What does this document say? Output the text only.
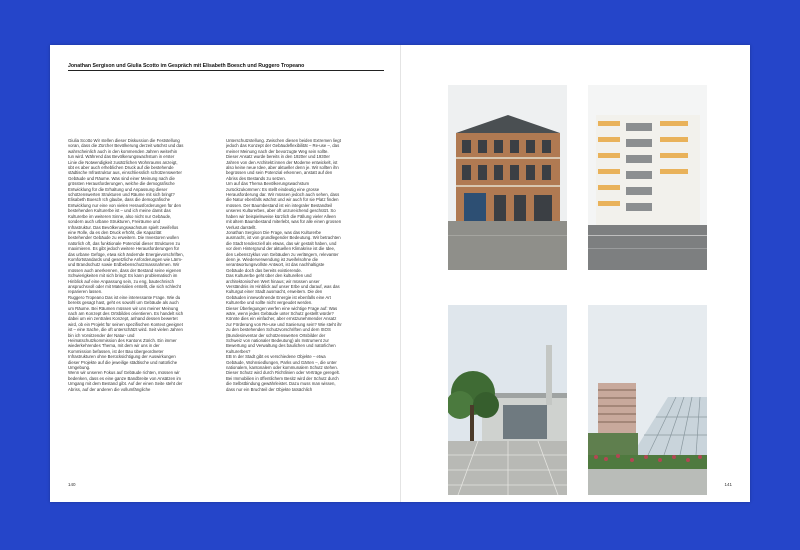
Jonathan Sergison und Giulia Scotto im Gespräch mit Elisabeth Boesch und Ruggero Tropeano

Giulia Scotto Wir stellen dieser Diskussion die Feststellung voran, dass die Zürcher Bevölkerung derzeit wächst und das wahrscheinlich auch in den kommenden Jahren weiterhin tun wird. Während das Bevölkerungswachstum in erster Linie die Notwendigkeit zusätzlichen Wohnraums anzeigt, übt es aber auch erheblichen Druck auf die bestehende städtische Infrastruktur aus, einschliesslich schützenswerter Gebäude und Räume. Was sind einer Meinung nach die grössten Herausforderungen, welche die demografische Entwicklung für die Erhaltung und Anpassung dieser schützenswerten Strukturen und Räume mit sich bringt?

Elisabeth Boesch Ich glaube, dass die demografische Entwicklung nur eine von vielen Herausforderungen für den bestehenden Kulturerbe ist – und ich meine damit das Kulturerbe im weiteren Sinne, also nicht nur Gebäude, sondern auch urbane Strukturen, Freiräume und Infrastruktur. Das Bevölkerungswachstum spielt zweifellos eine Rolle, da es den Druck erhöht, die Kapazität bestehender Gebäude zu erweitern. Die Investoren wollen natürlich oft, das funktionale Potenzial dieser Strukturen zu maximieren. Es gibt jedoch weitere Herausforderungen für das urbane Gefüge, etwa sich ändernde Energievorschriften, Komfortstandards und gesetzliche Anforderungen wie Lärm- und Brandschutz sowie Erdbebenschutzmassnahmen. Wir müssen auch anerkennen, dass der Bestand seine eigenen Schwierigkeiten mit sich bringt: Es kann problematisch im Hinblick auf eine Anpassung sein, zu eng, bautechnisch anspruchsvoll oder mit Materialien erstellt, die sich schlecht reparieren lassen.

Ruggero Tropeano Das ist eine interessante Frage. Wie du bereits gesagt hast, geht es sowohl um Gebäude als auch um Räume. Bei Räumen müssen wir uns meiner Meinung nach am Konzept des Ortsbildes orientieren. Es handelt sich dabei um ein zentrales Konzept, anhand dessen bewertet wird, ob ein Projekt für seinen spezifischen Kontext geeignet ist – eine Sache, die oft unterschätzt wird. Seit vielen Jahren bin ich Vorsitzender der Natur- und Heimatschutzkommission des Kantons Zürich. Ein immer wiederkehrendes Thema, mit dem wir uns in der Kommission befassen, ist der Bau übergeordneter Infrastrukturen ohne Berücksichtigung der Auswirkungen dieser Projekte auf die jeweilige städtische und natürliche Umgebung.

Wenn wir unseren Fokus auf Gebäude richten, müssen wir bedenken, dass es eine ganze Bandbreite von Ansätzen im Umgang mit dem Bestand gibt. Auf der einen Seite steht der Abriss, auf der anderen die vollumfängliche

Unterschutzstellung. Zwischen diesen beiden Extremen liegt jedoch das Konzept der Gebäudeflexibilität – Re-use –, das meiner Meinung nach der bevorzugte Weg sein sollte. Dieser Ansatz wurde bereits in den 1920er und 1930er Jahren von den Architekt:innen der Moderne entwickelt, ist also keine neue Idee, aber aktueller denn je. Wir sollten ihn begrüssen und sein Potenzial erkennen, anstatt auf den Abriss des Bestands zu setzen.

Um auf das Thema Bevölkerungswachstum zurückzukommen: Es stellt eindeutig eine grosse Herausforderung dar. Wir müssen jedoch auch sehen, dass die Natur ebenfalls wächst und wir auch für sie Platz finden müssen. Der Baumbestand ist ein integraler Bestandteil unseres Kulturerbes, aber oft unzureichend geschützt. So haben wir beispielsweise kürzlich die Fällung vieler Alleen mit altem Baumbestand miterlebt, was für alle einen grossen Verlust darstellt.

Jonathan Sergison Die Frage, was das Kulturerbe ausmacht, ist von grundlegender Bedeutung. Wir betrachten die Stadt tendenziell als etwas, das wir gestalt haben, und vor dem Hintergrund der aktuellen Klimakrise ist die Idee, den Lebenszyklus von Gebäuden zu verlängern, relevanter denn je. Wiederverwendung ist zweifelsohne die verantwortungsvollste Antwort, ist das nachhaltigste Gebäude doch das bereits existierende.

Das Kulturerbe geht über den kulturellen und architektonischen Wert hinaus; wir müssen unser Verständnis im Hinblick auf unser Erbe und darauf, was das Kulturgut einer Stadt ausmacht, erweitern. Die den Gebäuden innewohnende Energie ist ebenfalls eine Art Kulturerbe und sollte nicht vergeudet werden.

Dieser Überlegungen werfen eine wichtige Frage auf: Was wäre, wenn jedes Gebäude unter Schutz gestellt würde? Könnte dies ein einfacher, aber ernstzunehmender Ansatz zur Förderung von Re-use und Sanierung sein? Wie steht ihr zu den bestehenden Schutzvorschriften und dem ISOS (Bundesinventar der schützenswerten Ortsbilder der Schweiz von nationaler Bedeutung) als Instrument zur Bewertung und Verwaltung des baulichen und natürlichen Kulturerbes?

EB In der Stadt gibt es verschiedene Objekte – etwa Gebäude, Wohnsiedlungen, Parks und Gärten –, die unter nationalem, kantonalem oder kommunalem Schutz stehen. Dieser Schutz wird durch Richtlinien oder Verträge geregelt. Bei Immobilien in öffentlichem Besitz wird der Schutz durch die Selbstbindung gewährleistet. Dazu muss man wissen, dass nur ein Bruchteil der Objekte tatsächlich

140	141
